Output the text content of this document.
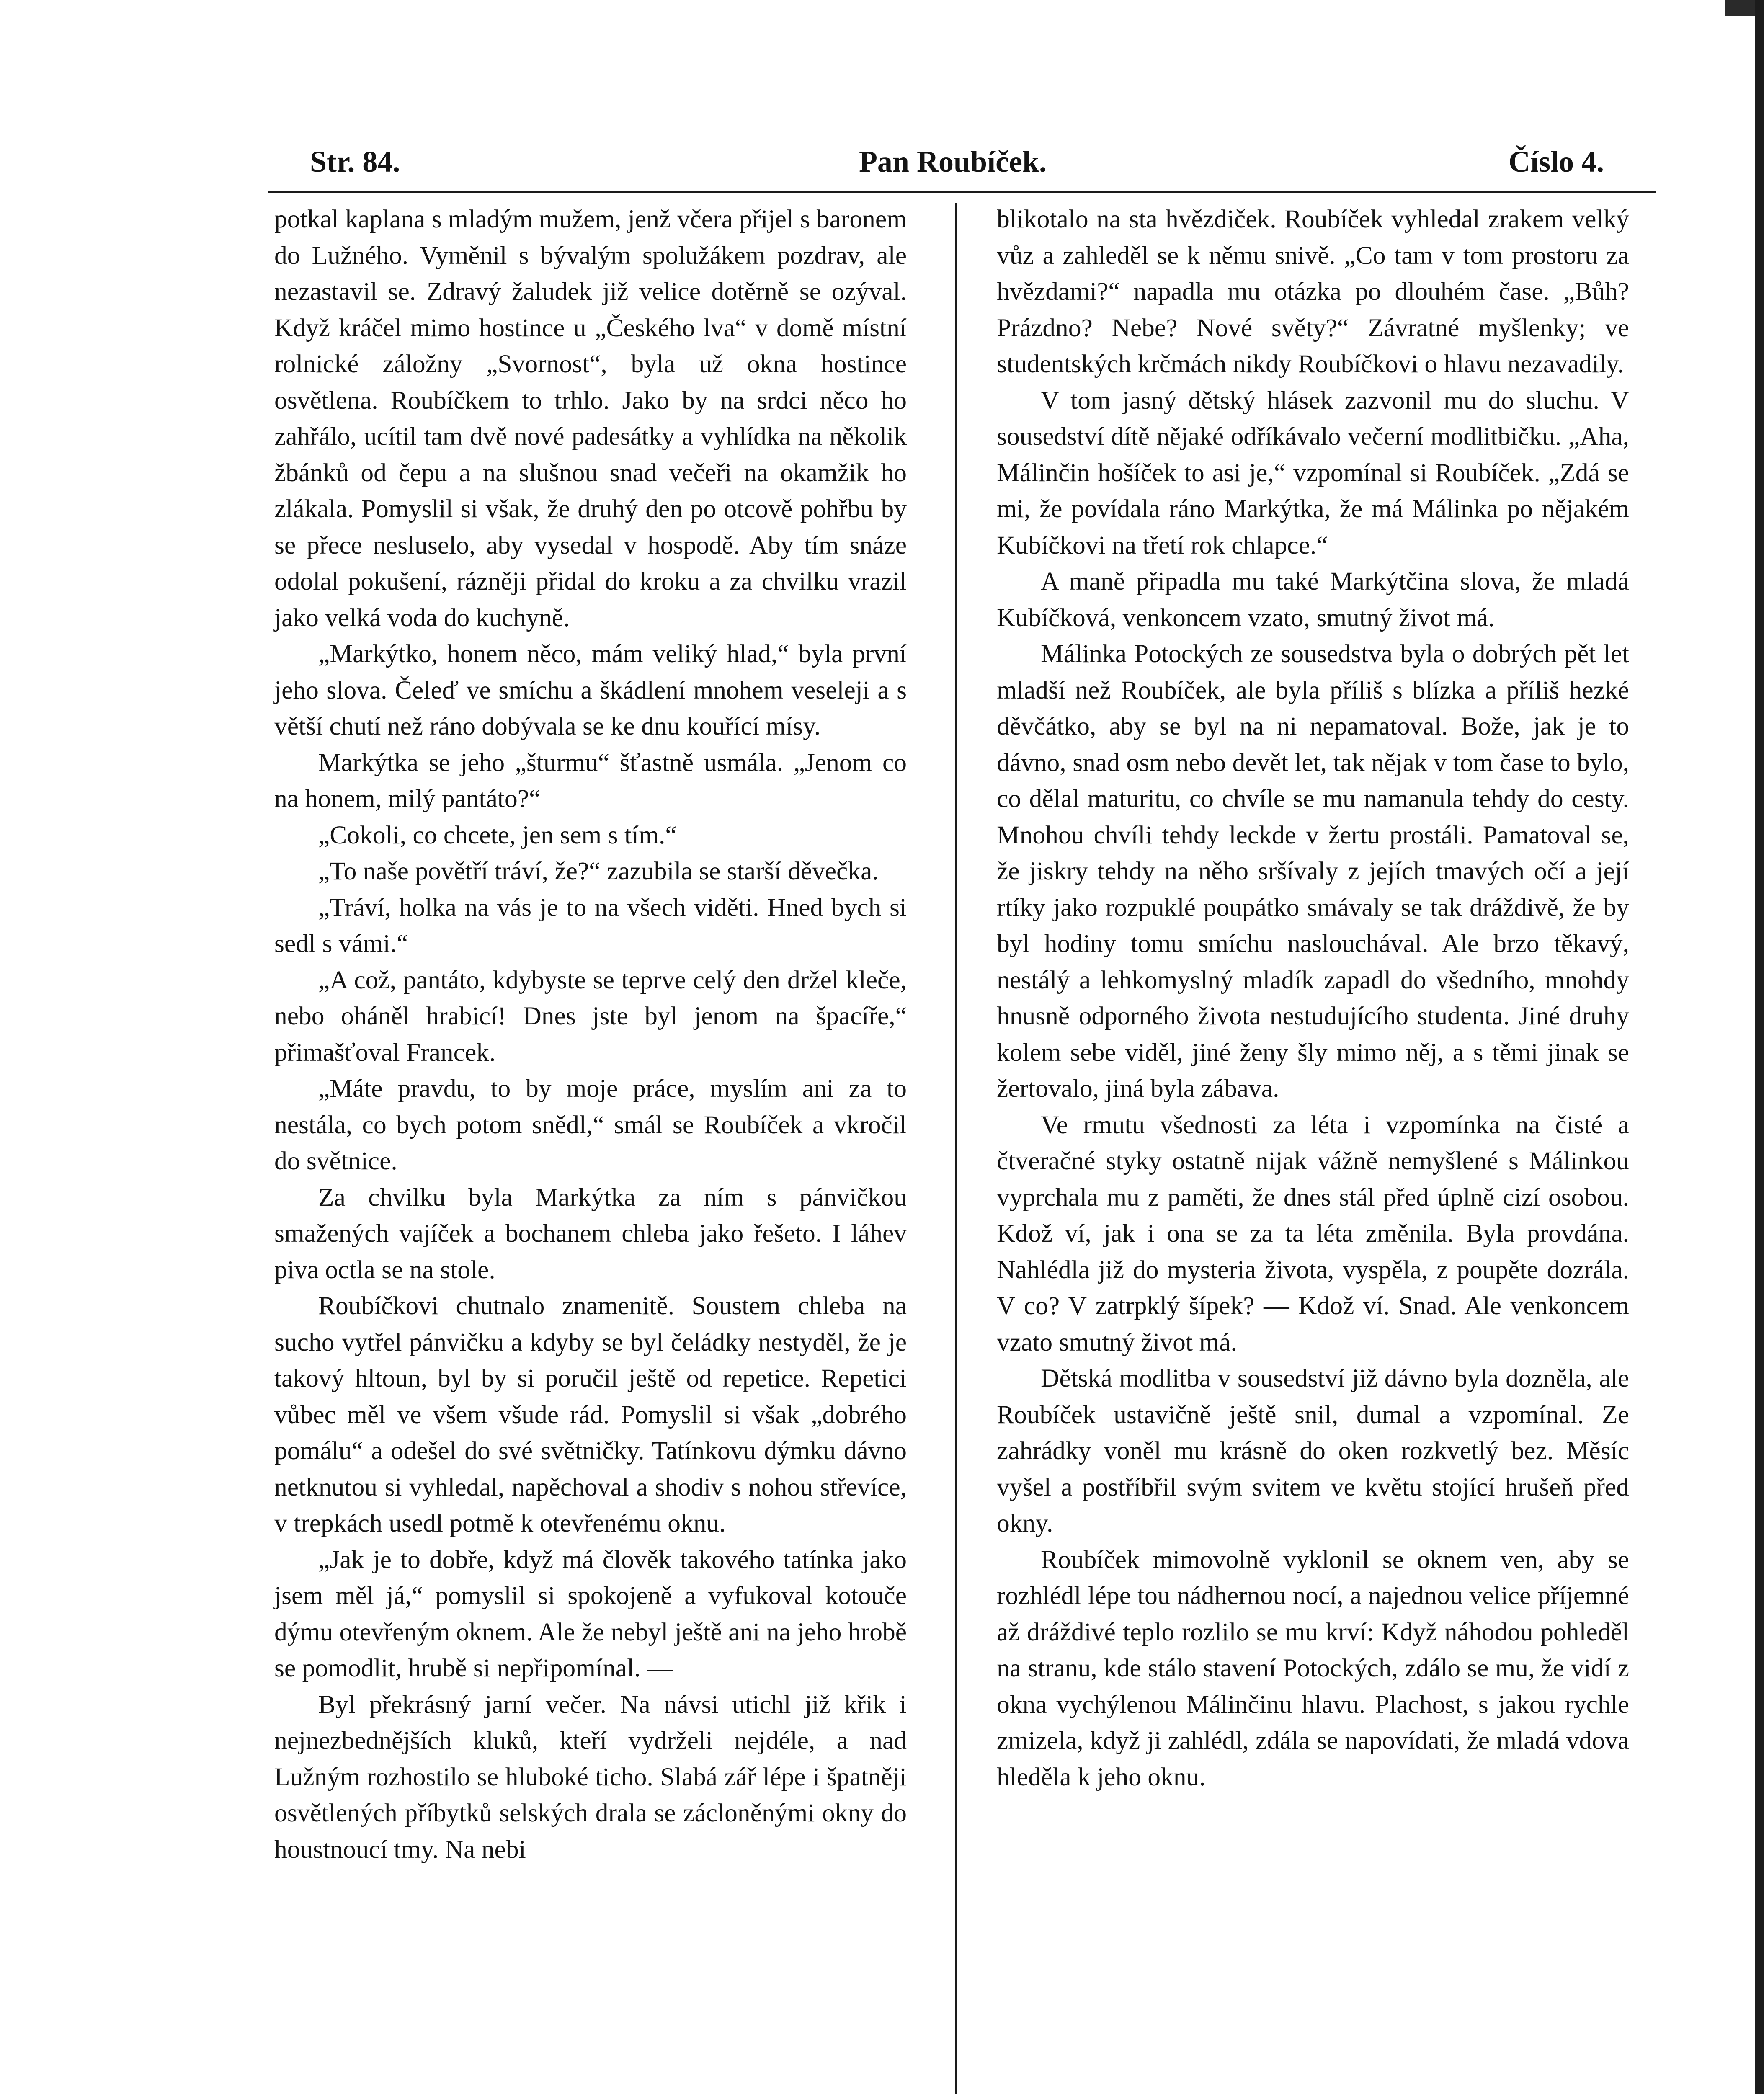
Str. 84.	Pan Roubíček.	Číslo 4.

potkal kaplana s mladým mužem, jenž včera přijel s baronem do Lužného. Vyměnil s bývalým spolužákem pozdrav, ale nezastavil se. Zdravý žaludek již velice dotěrně se ozýval. Když kráčel mimo hostince u „Českého lva“ v domě místní rolnické záložny „Svornost“, byla už okna hostince osvětlena. Roubíčkem to trhlo. Jako by na srdci něco ho zahřálo, ucítil tam dvě nové padesátky a vyhlídka na několik žbánků od čepu a na slušnou snad večeři na okamžik ho zlákala. Pomyslil si však, že druhý den po otcově pohřbu by se přece nesluselo, aby vysedal v hospodě. Aby tím snáze odolal pokušení, rázněji přidal do kroku a za chvilku vrazil jako velká voda do kuchyně.

„Markýtko, honem něco, mám veliký hlad,“ byla první jeho slova. Čeleď ve smíchu a škádlení mnohem veseleji a s větší chutí než ráno dobývala se ke dnu kouřící mísy.

Markýtka se jeho „šturmu“ šťastně usmála. „Jenom co na honem, milý pantáto?“

„Cokoli, co chcete, jen sem s tím.“

„To naše povětří tráví, že?“ zazubila se starší děvečka.

„Tráví, holka na vás je to na všech viděti. Hned bych si sedl s vámi.“

„A což, pantáto, kdybyste se teprve celý den držel kleče, nebo oháněl hrabicí! Dnes jste byl jenom na špacíře,“ přimašťoval Francek.

„Máte pravdu, to by moje práce, myslím ani za to nestála, co bych potom snědl,“ smál se Roubíček a vkročil do světnice.

Za chvilku byla Markýtka za ním s pánvičkou smažených vajíček a bochanem chleba jako řešeto. I láhev piva octla se na stole.

Roubíčkovi chutnalo znamenitě. Soustem chleba na sucho vytřel pánvičku a kdyby se byl čeládky nestyděl, že je takový hltoun, byl by si poručil ještě od repetice. Repetici vůbec měl ve všem všude rád. Pomyslil si však „dobrého pomálu“ a odešel do své světničky. Tatínkovu dýmku dávno netknutou si vyhledal, napěchoval a shodiv s nohou střevíce, v trepkách usedl potmě k otevřenému oknu.

„Jak je to dobře, když má člověk takového tatínka jako jsem měl já,“ pomyslil si spokojeně a vyfukoval kotouče dýmu otevřeným oknem. Ale že nebyl ještě ani na jeho hrobě se pomodlit, hrubě si nepřipomínal. —

Byl překrásný jarní večer. Na návsi utichl již křik i nejnezbednějších kluků, kteří vydrželi nejdéle, a nad Lužným rozhostilo se hluboké ticho. Slabá zář lépe i špatněji osvětlených příbytků selských drala se zácloněnými okny do houstnoucí tmy. Na nebi

blikotalo na sta hvězdiček. Roubíček vyhledal zrakem velký vůz a zahleděl se k němu snivě. „Co tam v tom prostoru za hvězdami?“ napadla mu otázka po dlouhém čase. „Bůh? Prázdno? Nebe? Nové světy?“ Závratné myšlenky; ve studentských krčmách nikdy Roubíčkovi o hlavu nezavadily.

V tom jasný dětský hlásek zazvonil mu do sluchu. V sousedství dítě nějaké odříkávalo večerní modlitbičku. „Aha, Málinčin hošíček to asi je,“ vzpomínal si Roubíček. „Zdá se mi, že povídala ráno Markýtka, že má Málinka po nějakém Kubíčkovi na třetí rok chlapce.“

A maně připadla mu také Markýtčina slova, že mladá Kubíčková, venkoncem vzato, smutný život má.

Málinka Potockých ze sousedstva byla o dobrých pět let mladší než Roubíček, ale byla příliš s blízka a příliš hezké děvčátko, aby se byl na ni nepamatoval. Bože, jak je to dávno, snad osm nebo devět let, tak nějak v tom čase to bylo, co dělal maturitu, co chvíle se mu namanula tehdy do cesty. Mnohou chvíli tehdy leckde v žertu prostáli. Pamatoval se, že jiskry tehdy na něho sršívaly z jejích tmavých očí a její rtíky jako rozpuklé poupátko smávaly se tak dráždivě, že by byl hodiny tomu smíchu naslouchával. Ale brzo těkavý, nestálý a lehkomyslný mladík zapadl do všedního, mnohdy hnusně odporného života nestudujícího studenta. Jiné druhy kolem sebe viděl, jiné ženy šly mimo něj, a s těmi jinak se žertovalo, jiná byla zábava.

Ve rmutu všednosti za léta i vzpomínka na čisté a čtveračné styky ostatně nijak vážně nemyšlené s Málinkou vyprchala mu z paměti, že dnes stál před úplně cizí osobou. Kdož ví, jak i ona se za ta léta změnila. Byla provdána. Nahlédla již do mysteria života, vyspěla, z poupěte dozrála. V co? V zatrpklý šípek? — Kdož ví. Snad. Ale venkoncem vzato smutný život má.

Dětská modlitba v sousedství již dávno byla dozněla, ale Roubíček ustavičně ještě snil, dumal a vzpomínal. Ze zahrádky voněl mu krásně do oken rozkvetlý bez. Měsíc vyšel a postříbřil svým svitem ve květu stojící hrušeň před okny.

Roubíček mimovolně vyklonil se oknem ven, aby se rozhlédl lépe tou nádhernou nocí, a najednou velice příjemné až dráždivé teplo rozlilo se mu krví: Když náhodou pohleděl na stranu, kde stálo stavení Potockých, zdálo se mu, že vidí z okna vychýlenou Málinčinu hlavu. Plachost, s jakou rychle zmizela, když ji zahlédl, zdála se napovídati, že mladá vdova hleděla k jeho oknu.
